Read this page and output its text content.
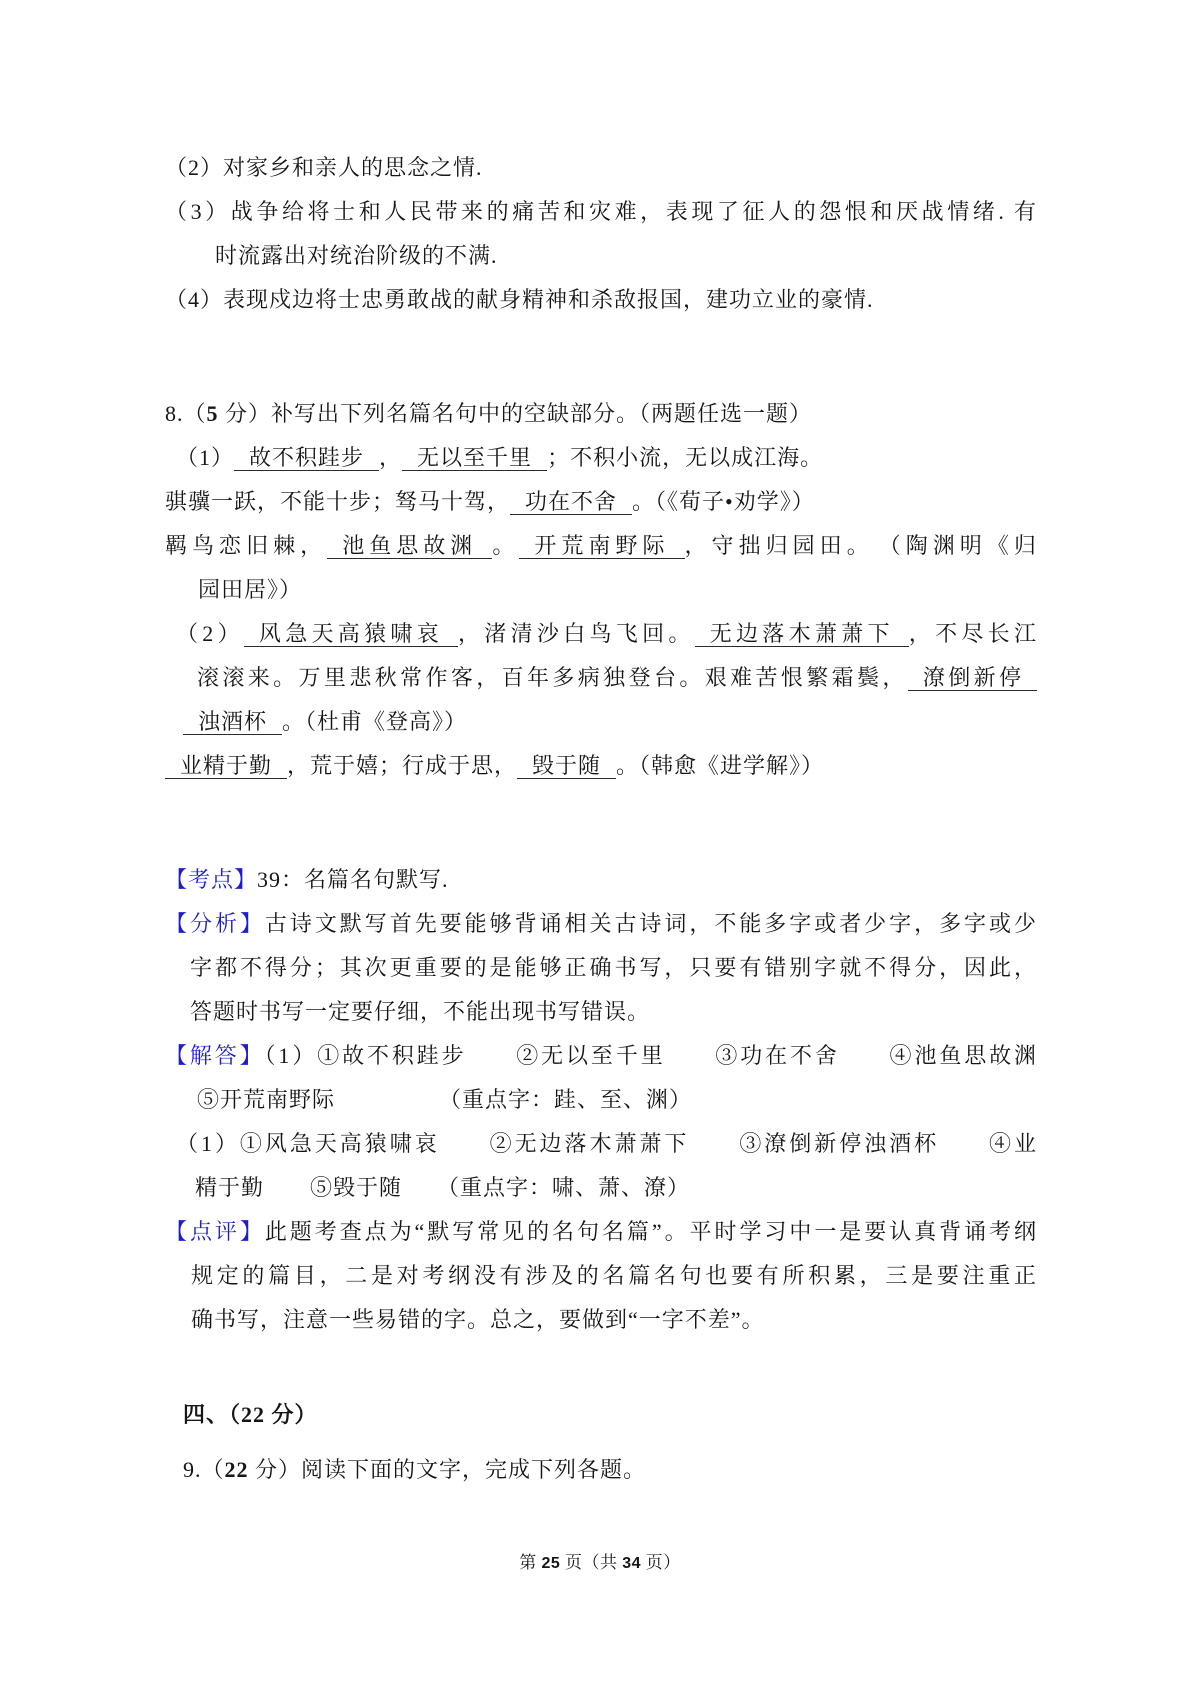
（2）对家乡和亲人的思念之情.
（3）战争给将士和人民带来的痛苦和灾难，表现了征人的怨恨和厌战情绪. 有
时流露出对统治阶级的不满.
（4）表现戍边将士忠勇敢战的献身精神和杀敌报国，建功立业的豪情.
8.（5 分）补写出下列名篇名句中的空缺部分。（两题任选一题）
（1） 故不积跬步 ， 无以至千里 ；不积小流，无以成江海。
骐骥一跃，不能十步；驽马十驾， 功在不舍 。（《荀子•劝学》）
羁鸟恋旧棘， 池鱼思故渊 。 开荒南野际 ，守拙归园田。　（陶渊明《归
园田居》）
（2） 风急天高猿啸哀 ，渚清沙白鸟飞回。 无边落木萧萧下 ，不尽长江
滚滚来。万里悲秋常作客，百年多病独登台。艰难苦恨繁霜鬓， 潦倒新停
浊酒杯 。（杜甫《登高》）
业精于勤 ，荒于嬉；行成于思， 毁于随 。（韩愈《进学解》）
【考点】39：名篇名句默写.
【分析】古诗文默写首先要能够背诵相关古诗词，不能多字或者少字，多字或少
字都不得分；其次更重要的是能够正确书写，只要有错别字就不得分，因此，
答题时书写一定要仔细，不能出现书写错误。
【解答】（1）①故不积跬步　　②无以至千里　　③功在不舍　　④池鱼思故渊
⑤开荒南野际　　　　　（重点字：跬、至、渊）
（1）①风急天高猿啸哀　　②无边落木萧萧下　　③潦倒新停浊酒杯　　④业
精于勤　　⑤毁于随　　（重点字：啸、萧、潦）
【点评】此题考查点为“默写常见的名句名篇”。平时学习中一是要认真背诵考纲
规定的篇目，二是对考纲没有涉及的名篇名句也要有所积累，三是要注重正
确书写，注意一些易错的字。总之，要做到“一字不差”。
四、（22 分）
9.（22 分）阅读下面的文字，完成下列各题。
第 25 页（共 34 页）
